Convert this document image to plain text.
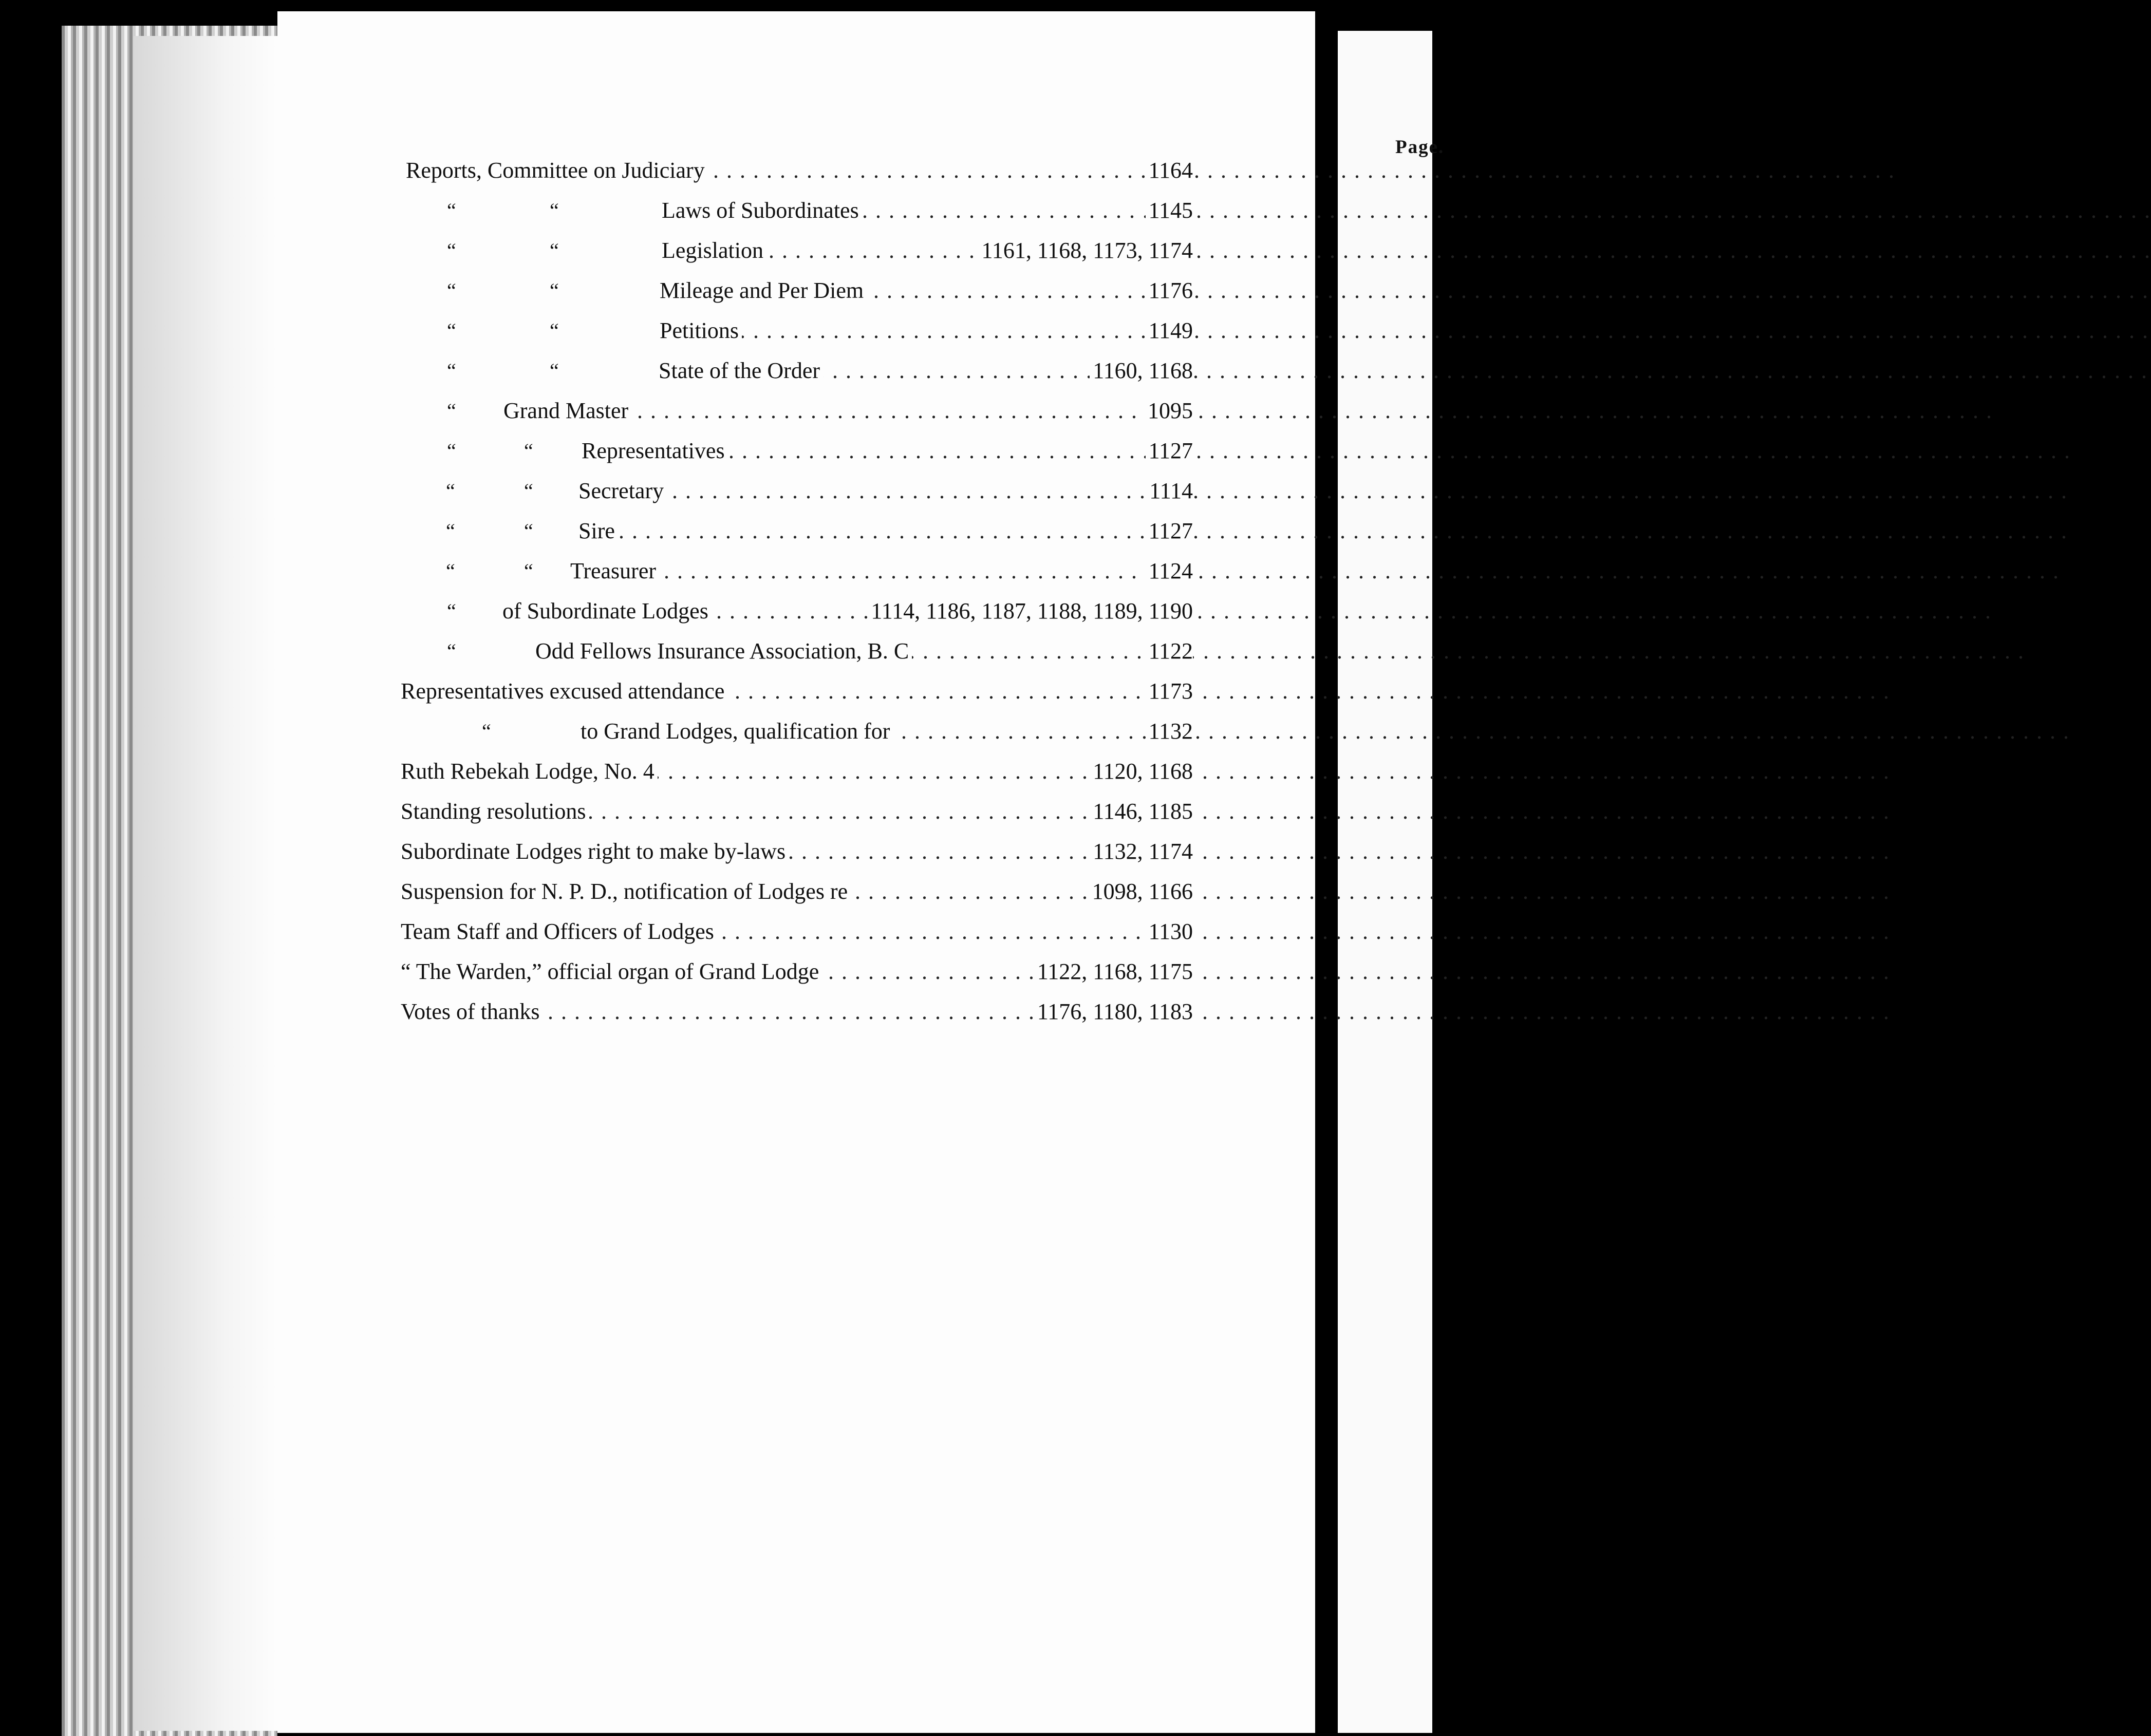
Page.
. . .
Reports, Committee on Judiciary	1164
“	“ . . .	Laws of Subordinates	1145
“	“ . . .	Legislation	1161, 1168, 1173, 1174
“	“ . . .	Mileage and Per Diem	1176
“	“ . . .	Petitions	1149
“	“ . . .	State of the Order	1160, 1168
“ . . . Grand Master	1095
“	“ . . . Representatives	1127
“	“ . . . Secretary	1114
“	“ . . . Sire	1127
“	“ . . . Treasurer	1124
“ . . . of Subordinate Lodges	1114, 1186, 1187, 1188, 1189, 1190
“ . . .	Odd Fellows Insurance Association, B. C	1122
. . .
Representatives excused attendance	1173
“ . . .	to Grand Lodges, qualification for	1132
. . .
Ruth Rebekah Lodge, No. 4	1120, 1168
. . .
Standing resolutions	1146, 1185
. . .
Subordinate Lodges right to make by-laws	1132, 1174
. . .
Suspension for N. P. D., notification of Lodges re	1098, 1166
. . .
Team Staff and Officers of Lodges	1130
. . .
“ The Warden,” official organ of Grand Lodge	1122, 1168, 1175
. . .
Votes of thanks	1176, 1180, 1183
